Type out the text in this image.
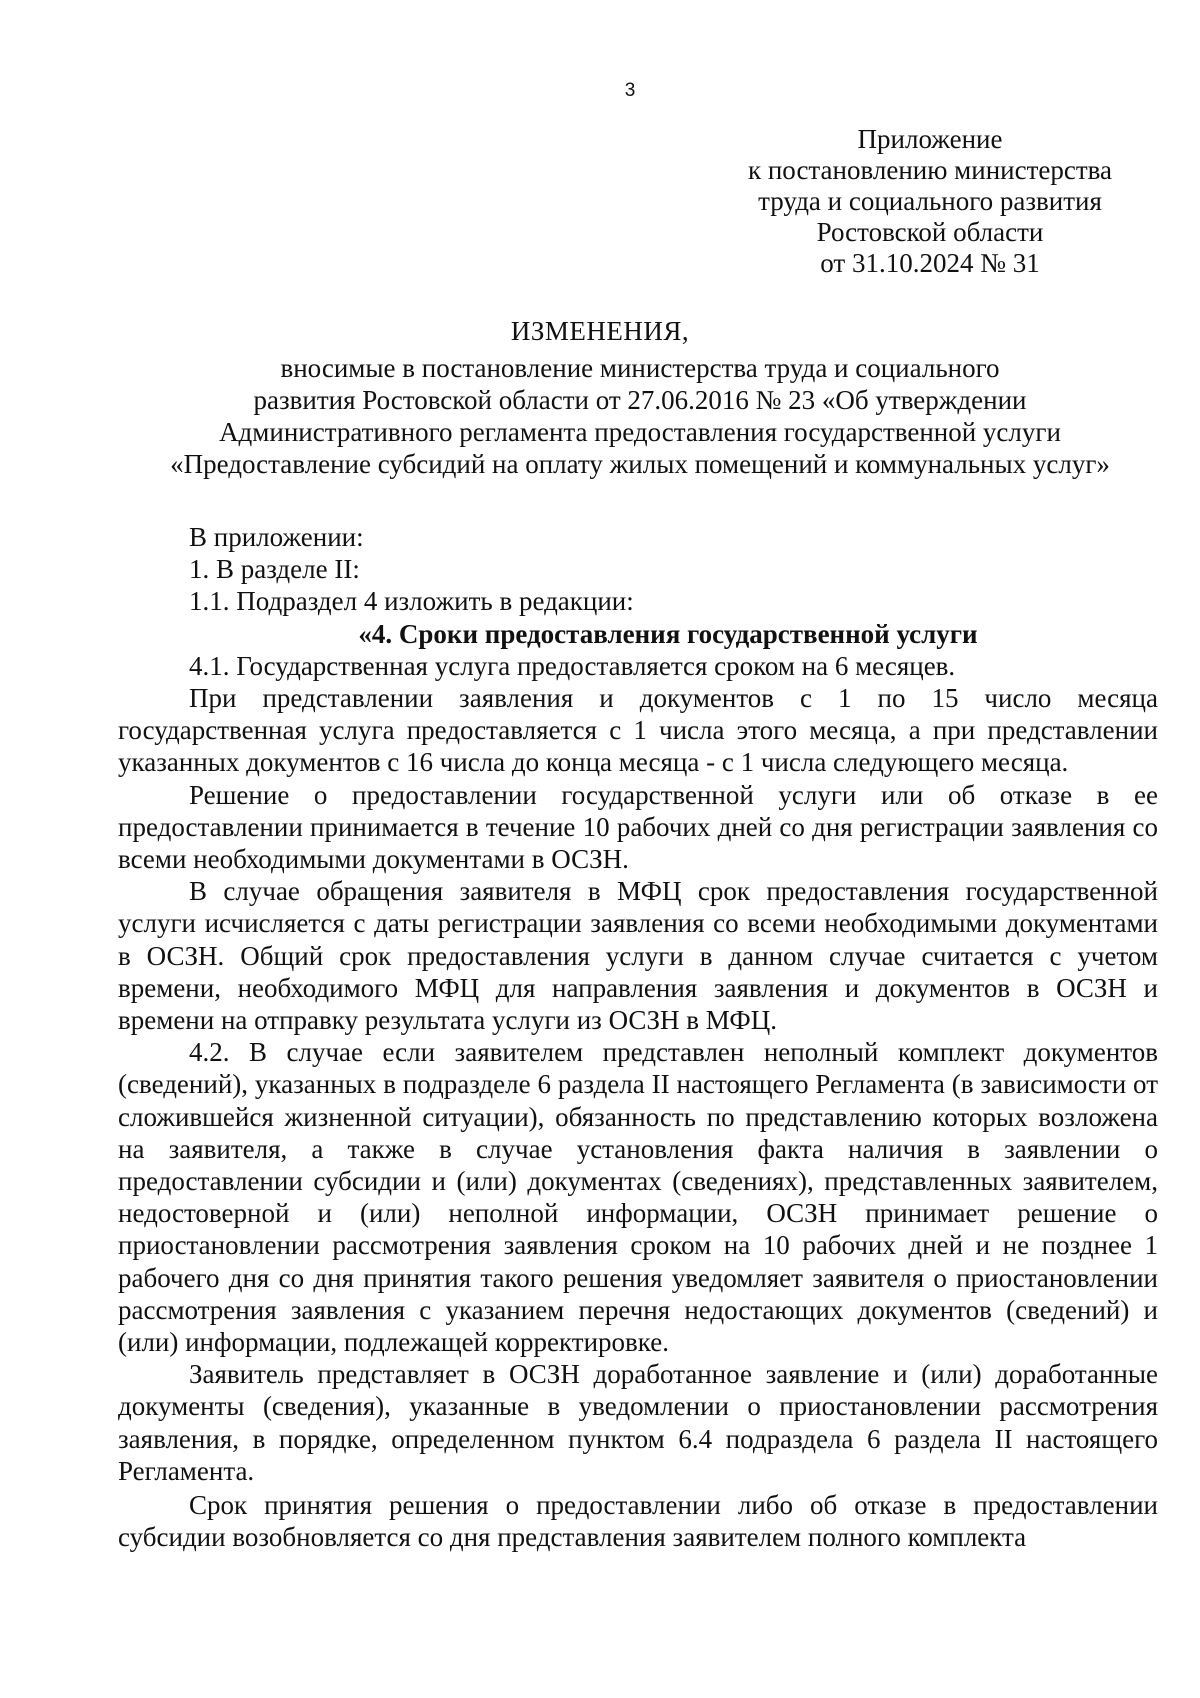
3
Приложение
к постановлению министерства
труда и социального развития
Ростовской области
от 31.10.2024 № 31
ИЗМЕНЕНИЯ,
вносимые в постановление министерства труда и социального
развития Ростовской области от 27.06.2016 № 23 «Об утверждении
Административного регламента предоставления государственной услуги
«Предоставление субсидий на оплату жилых помещений и коммунальных услуг»
В приложении:
1. В разделе II:
1.1. Подраздел 4 изложить в редакции:
«4. Сроки предоставления государственной услуги
4.1. Государственная услуга предоставляется сроком на 6 месяцев.
При представлении заявления и документов с 1 по 15 число месяца государственная услуга предоставляется с 1 числа этого месяца, а при представлении указанных документов с 16 числа до конца месяца - с 1 числа следующего месяца.
Решение о предоставлении государственной услуги или об отказе в ее предоставлении принимается в течение 10 рабочих дней со дня регистрации заявления со всеми необходимыми документами в ОСЗН.
В случае обращения заявителя в МФЦ срок предоставления государственной услуги исчисляется с даты регистрации заявления со всеми необходимыми документами в ОСЗН. Общий срок предоставления услуги в данном случае считается с учетом времени, необходимого МФЦ для направления заявления и документов в ОСЗН и времени на отправку результата услуги из ОСЗН в МФЦ.
4.2. В случае если заявителем представлен неполный комплект документов (сведений), указанных в подразделе 6 раздела II настоящего Регламента (в зависимости от сложившейся жизненной ситуации), обязанность по представлению которых возложена на заявителя, а также в случае установления факта наличия в заявлении о предоставлении субсидии и (или) документах (сведениях), представленных заявителем, недостоверной и (или) неполной информации, ОСЗН принимает решение о приостановлении рассмотрения заявления сроком на 10 рабочих дней и не позднее 1 рабочего дня со дня принятия такого решения уведомляет заявителя о приостановлении рассмотрения заявления с указанием перечня недостающих документов (сведений) и (или) информации, подлежащей корректировке.
Заявитель представляет в ОСЗН доработанное заявление и (или) доработанные документы (сведения), указанные в уведомлении о приостановлении рассмотрения заявления, в порядке, определенном пунктом 6.4 подраздела 6 раздела II настоящего Регламента.
Срок принятия решения о предоставлении либо об отказе в предоставлении субсидии возобновляется со дня представления заявителем полного комплекта
